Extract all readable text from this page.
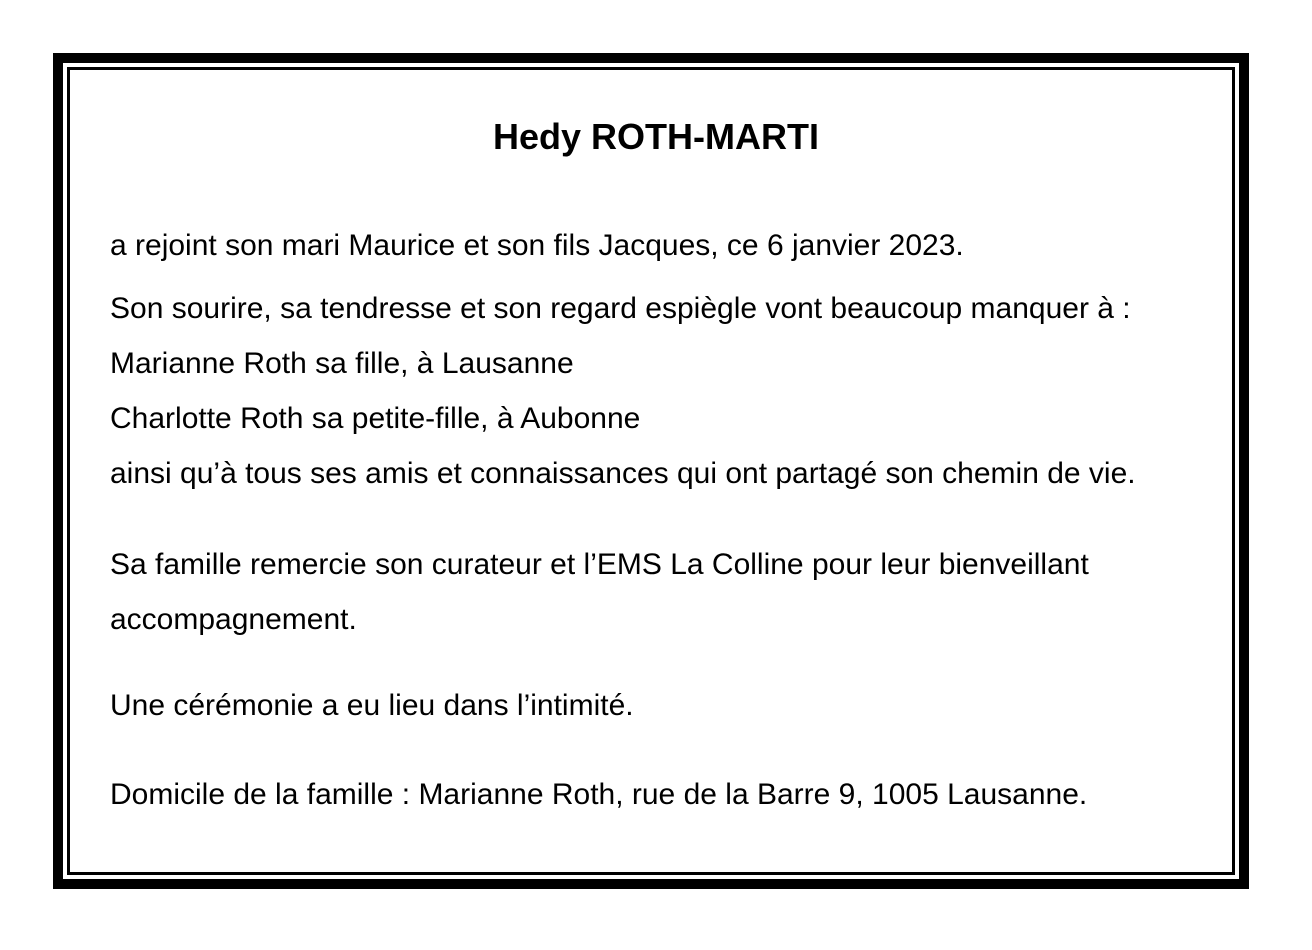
Hedy ROTH-MARTI
a rejoint son mari Maurice et son fils Jacques, ce 6 janvier 2023.
Son sourire, sa tendresse et son regard espiègle vont beaucoup manquer à :
Marianne Roth sa fille, à Lausanne
Charlotte Roth sa petite-fille, à Aubonne
ainsi qu’à tous ses amis et connaissances qui ont partagé son chemin de vie.
Sa famille remercie son curateur et l’EMS La Colline pour leur bienveillant
accompagnement.
Une cérémonie a eu lieu dans l’intimité.
Domicile de la famille : Marianne Roth, rue de la Barre 9, 1005 Lausanne.
